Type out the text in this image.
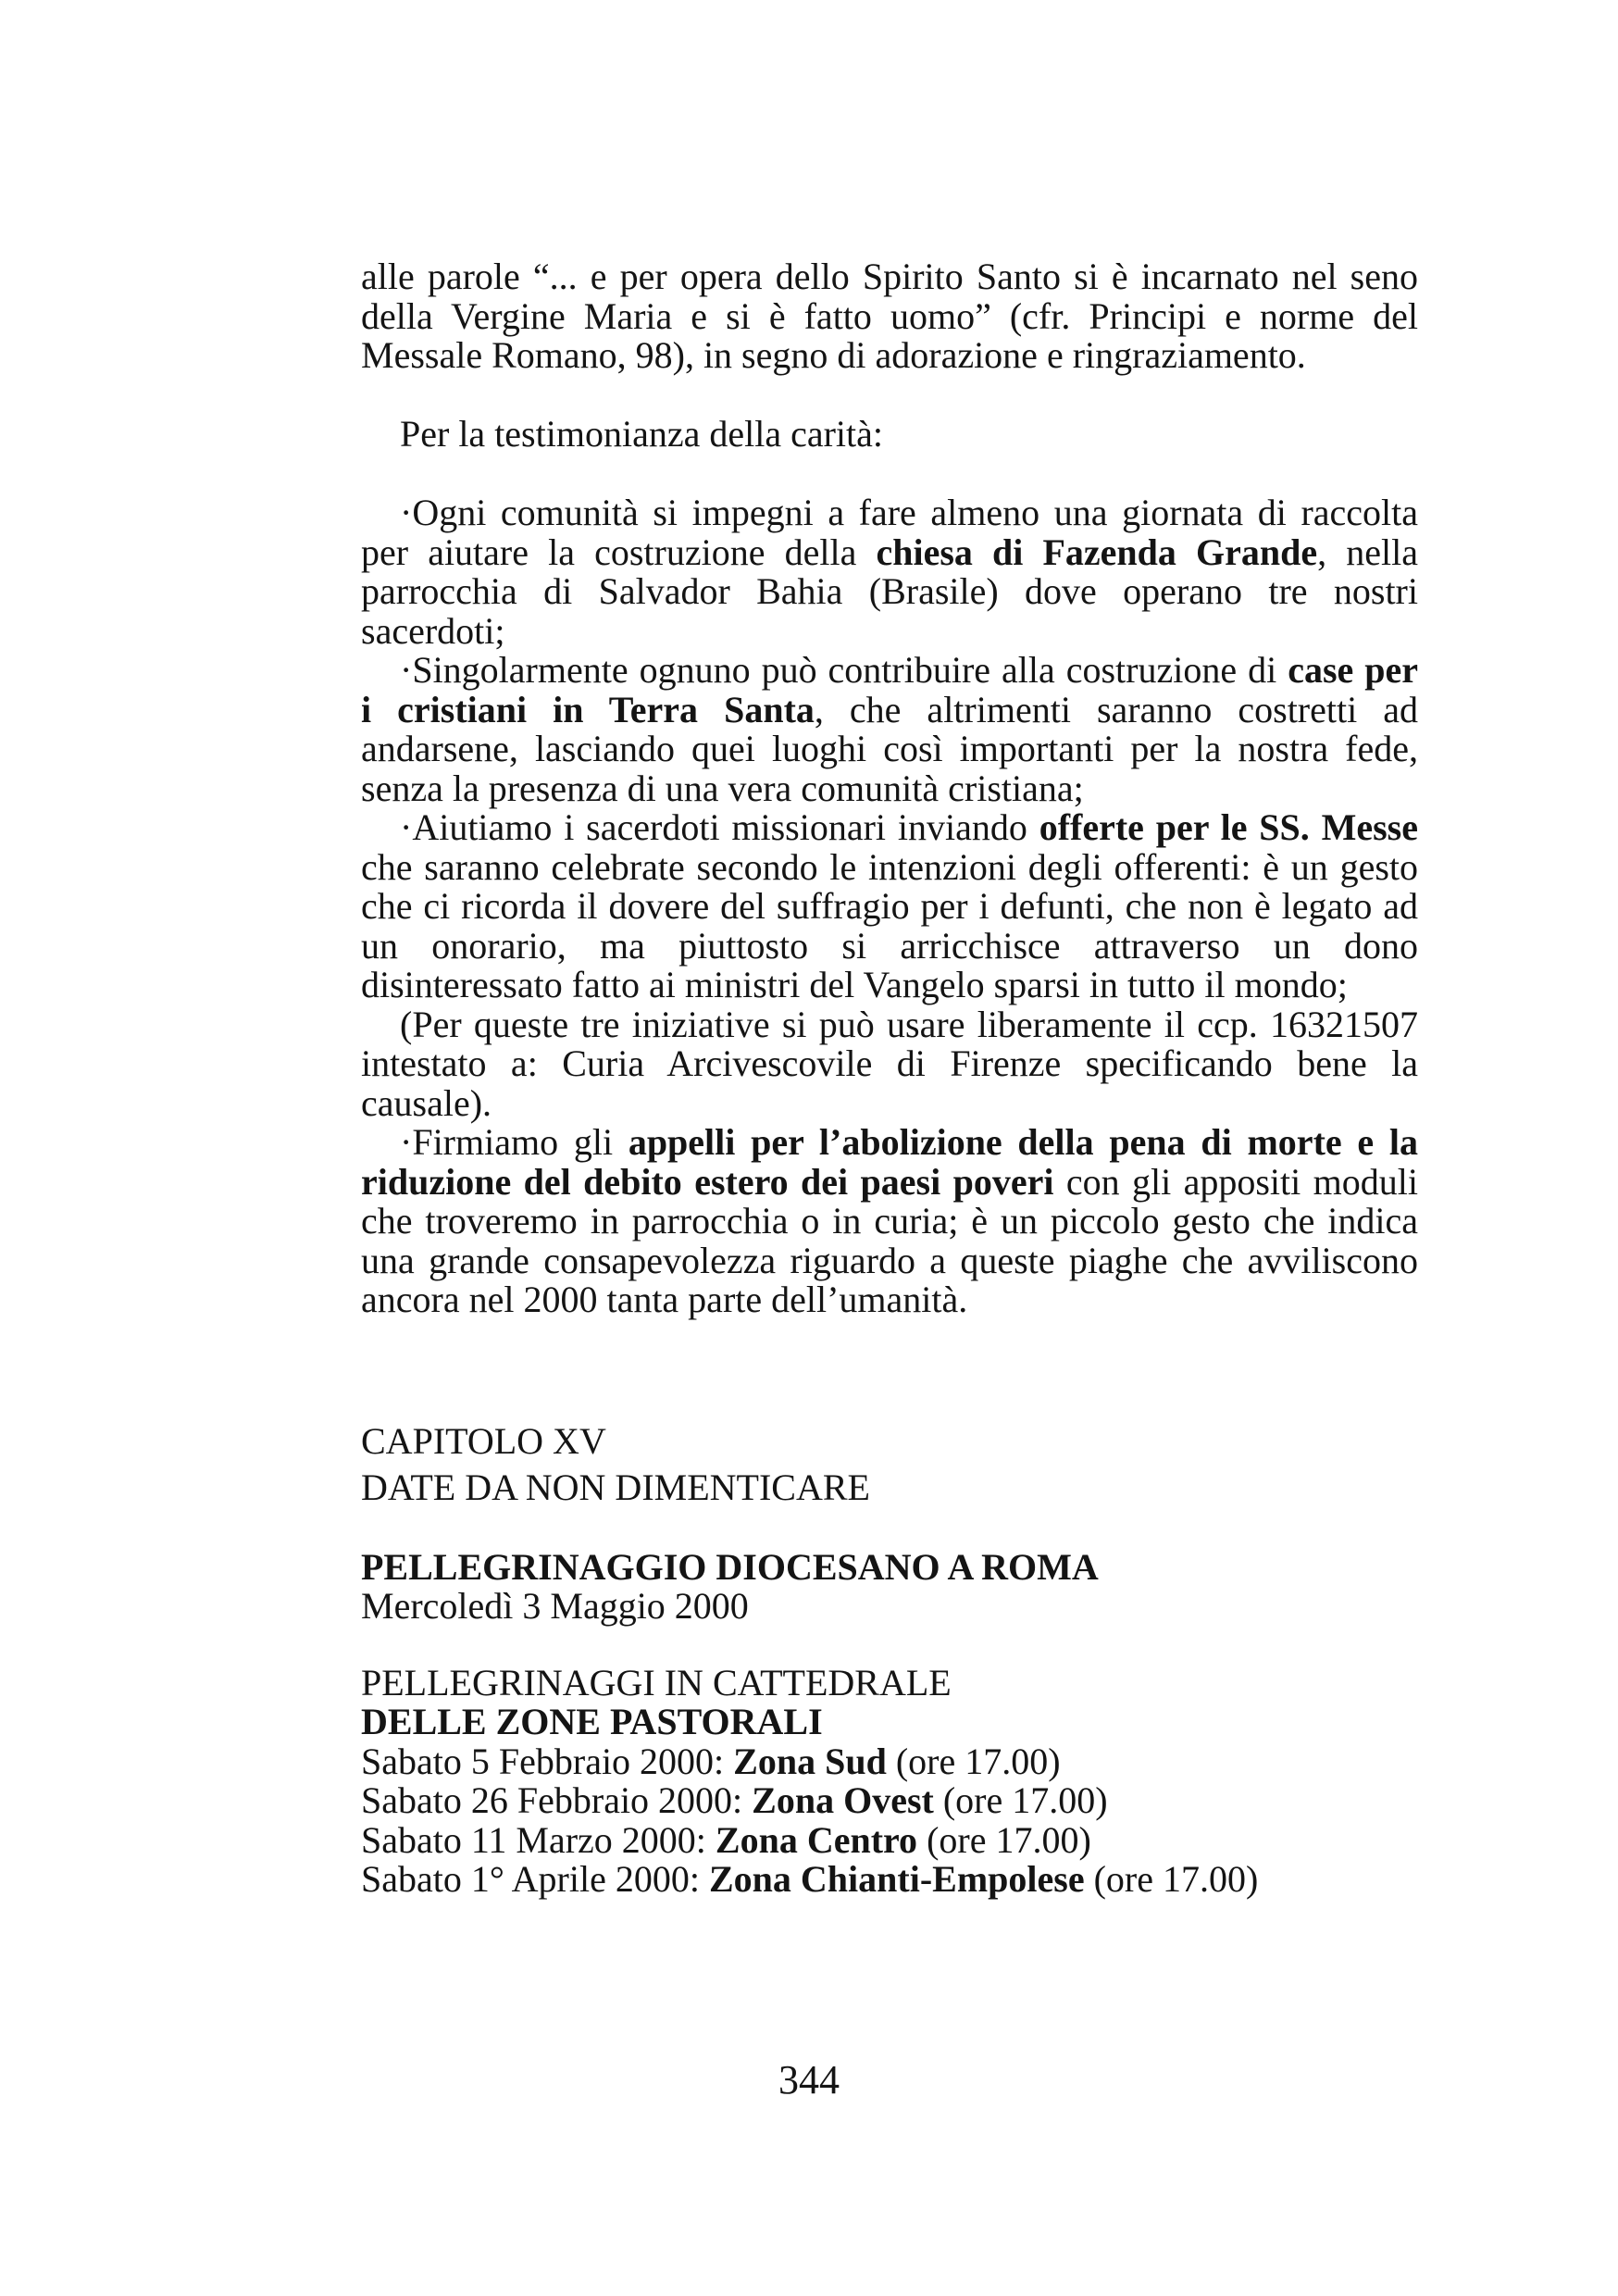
alle parole “... e per opera dello Spirito Santo si è incarnato nel seno della Vergine Maria e si è fatto uomo” (cfr. Principi e norme del Messale Romano, 98), in segno di adorazione e ringraziamento.

Per la testimonianza della carità:

·Ogni comunità si impegni a fare almeno una giornata di raccolta per aiutare la costruzione della chiesa di Fazenda Grande, nella parrocchia di Salvador Bahia (Brasile) dove operano tre nostri sacerdoti;

·Singolarmente ognuno può contribuire alla costruzione di case per i cristiani in Terra Santa, che altrimenti saranno costretti ad andarsene, lasciando quei luoghi così importanti per la nostra fede, senza la presenza di una vera comunità cristiana;

·Aiutiamo i sacerdoti missionari inviando offerte per le SS. Messe che saranno celebrate secondo le intenzioni degli offerenti: è un gesto che ci ricorda il dovere del suffragio per i defunti, che non è legato ad un onorario, ma piuttosto si arricchisce attraverso un dono disinteressato fatto ai ministri del Vangelo sparsi in tutto il mondo;

(Per queste tre iniziative si può usare liberamente il ccp. 16321507 intestato a: Curia Arcivescovile di Firenze specificando bene la causale).

·Firmiamo gli appelli per l’abolizione della pena di morte e la riduzione del debito estero dei paesi poveri con gli appositi moduli che troveremo in parrocchia o in curia; è un piccolo gesto che indica una grande consapevolezza riguardo a queste piaghe che avviliscono ancora nel 2000 tanta parte dell’umanità.

CAPITOLO XV

DATE DA NON DIMENTICARE

PELLEGRINAGGIO DIOCESANO A ROMA

Mercoledì 3 Maggio 2000

PELLEGRINAGGI IN CATTEDRALE

DELLE ZONE PASTORALI

Sabato 5 Febbraio 2000: Zona Sud (ore 17.00)

Sabato 26 Febbraio 2000: Zona Ovest (ore 17.00)

Sabato 11 Marzo 2000: Zona Centro (ore 17.00)

Sabato 1° Aprile 2000: Zona Chianti-Empolese (ore 17.00)

344
